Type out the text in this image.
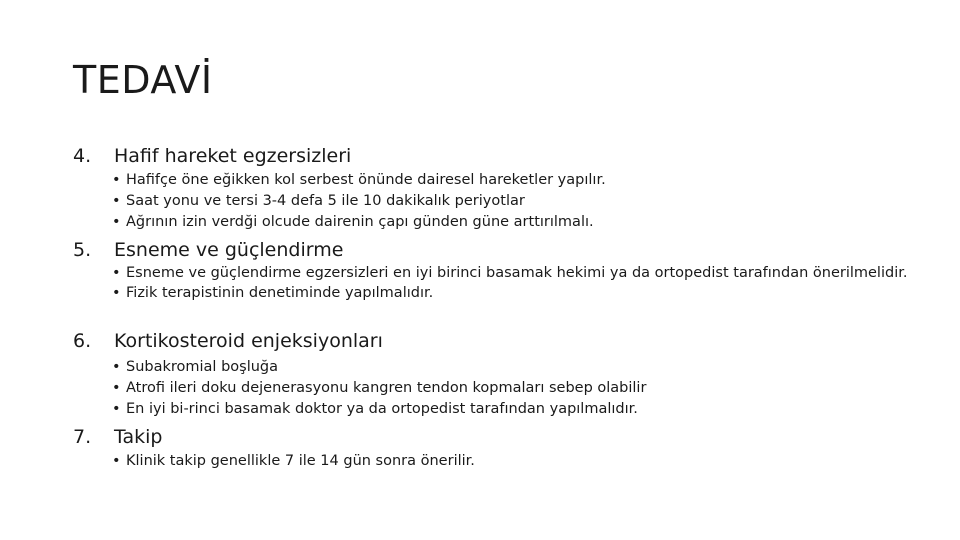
TEDAVİ
4. Hafif hareket egzersizleri
• Hafifçe öne eğikken kol serbest önünde dairesel hareketler yapılır.
• Saat yonu ve tersi 3-4 defa 5 ile 10 dakikalık periyotlar
• Ağrının izin verdği olcude dairenin çapı günden güne arttırılmalı.
5. Esneme ve güçlendirme
• Esneme ve güçlendirme egzersizleri en iyi birinci basamak hekimi ya da ortopedist tarafından önerilmelidir.
• Fizik terapistinin denetiminde yapılmalıdır.
6. Kortikosteroid enjeksiyonları
• Subakromial boşluğa
• Atrofi ileri doku dejenerasyonu kangren tendon kopmaları sebep olabilir
• En iyi bi-rinci basamak doktor ya da ortopedist tarafından yapılmalıdır.
7. Takip
• Klinik takip genellikle 7 ile 14 gün sonra önerilir.
